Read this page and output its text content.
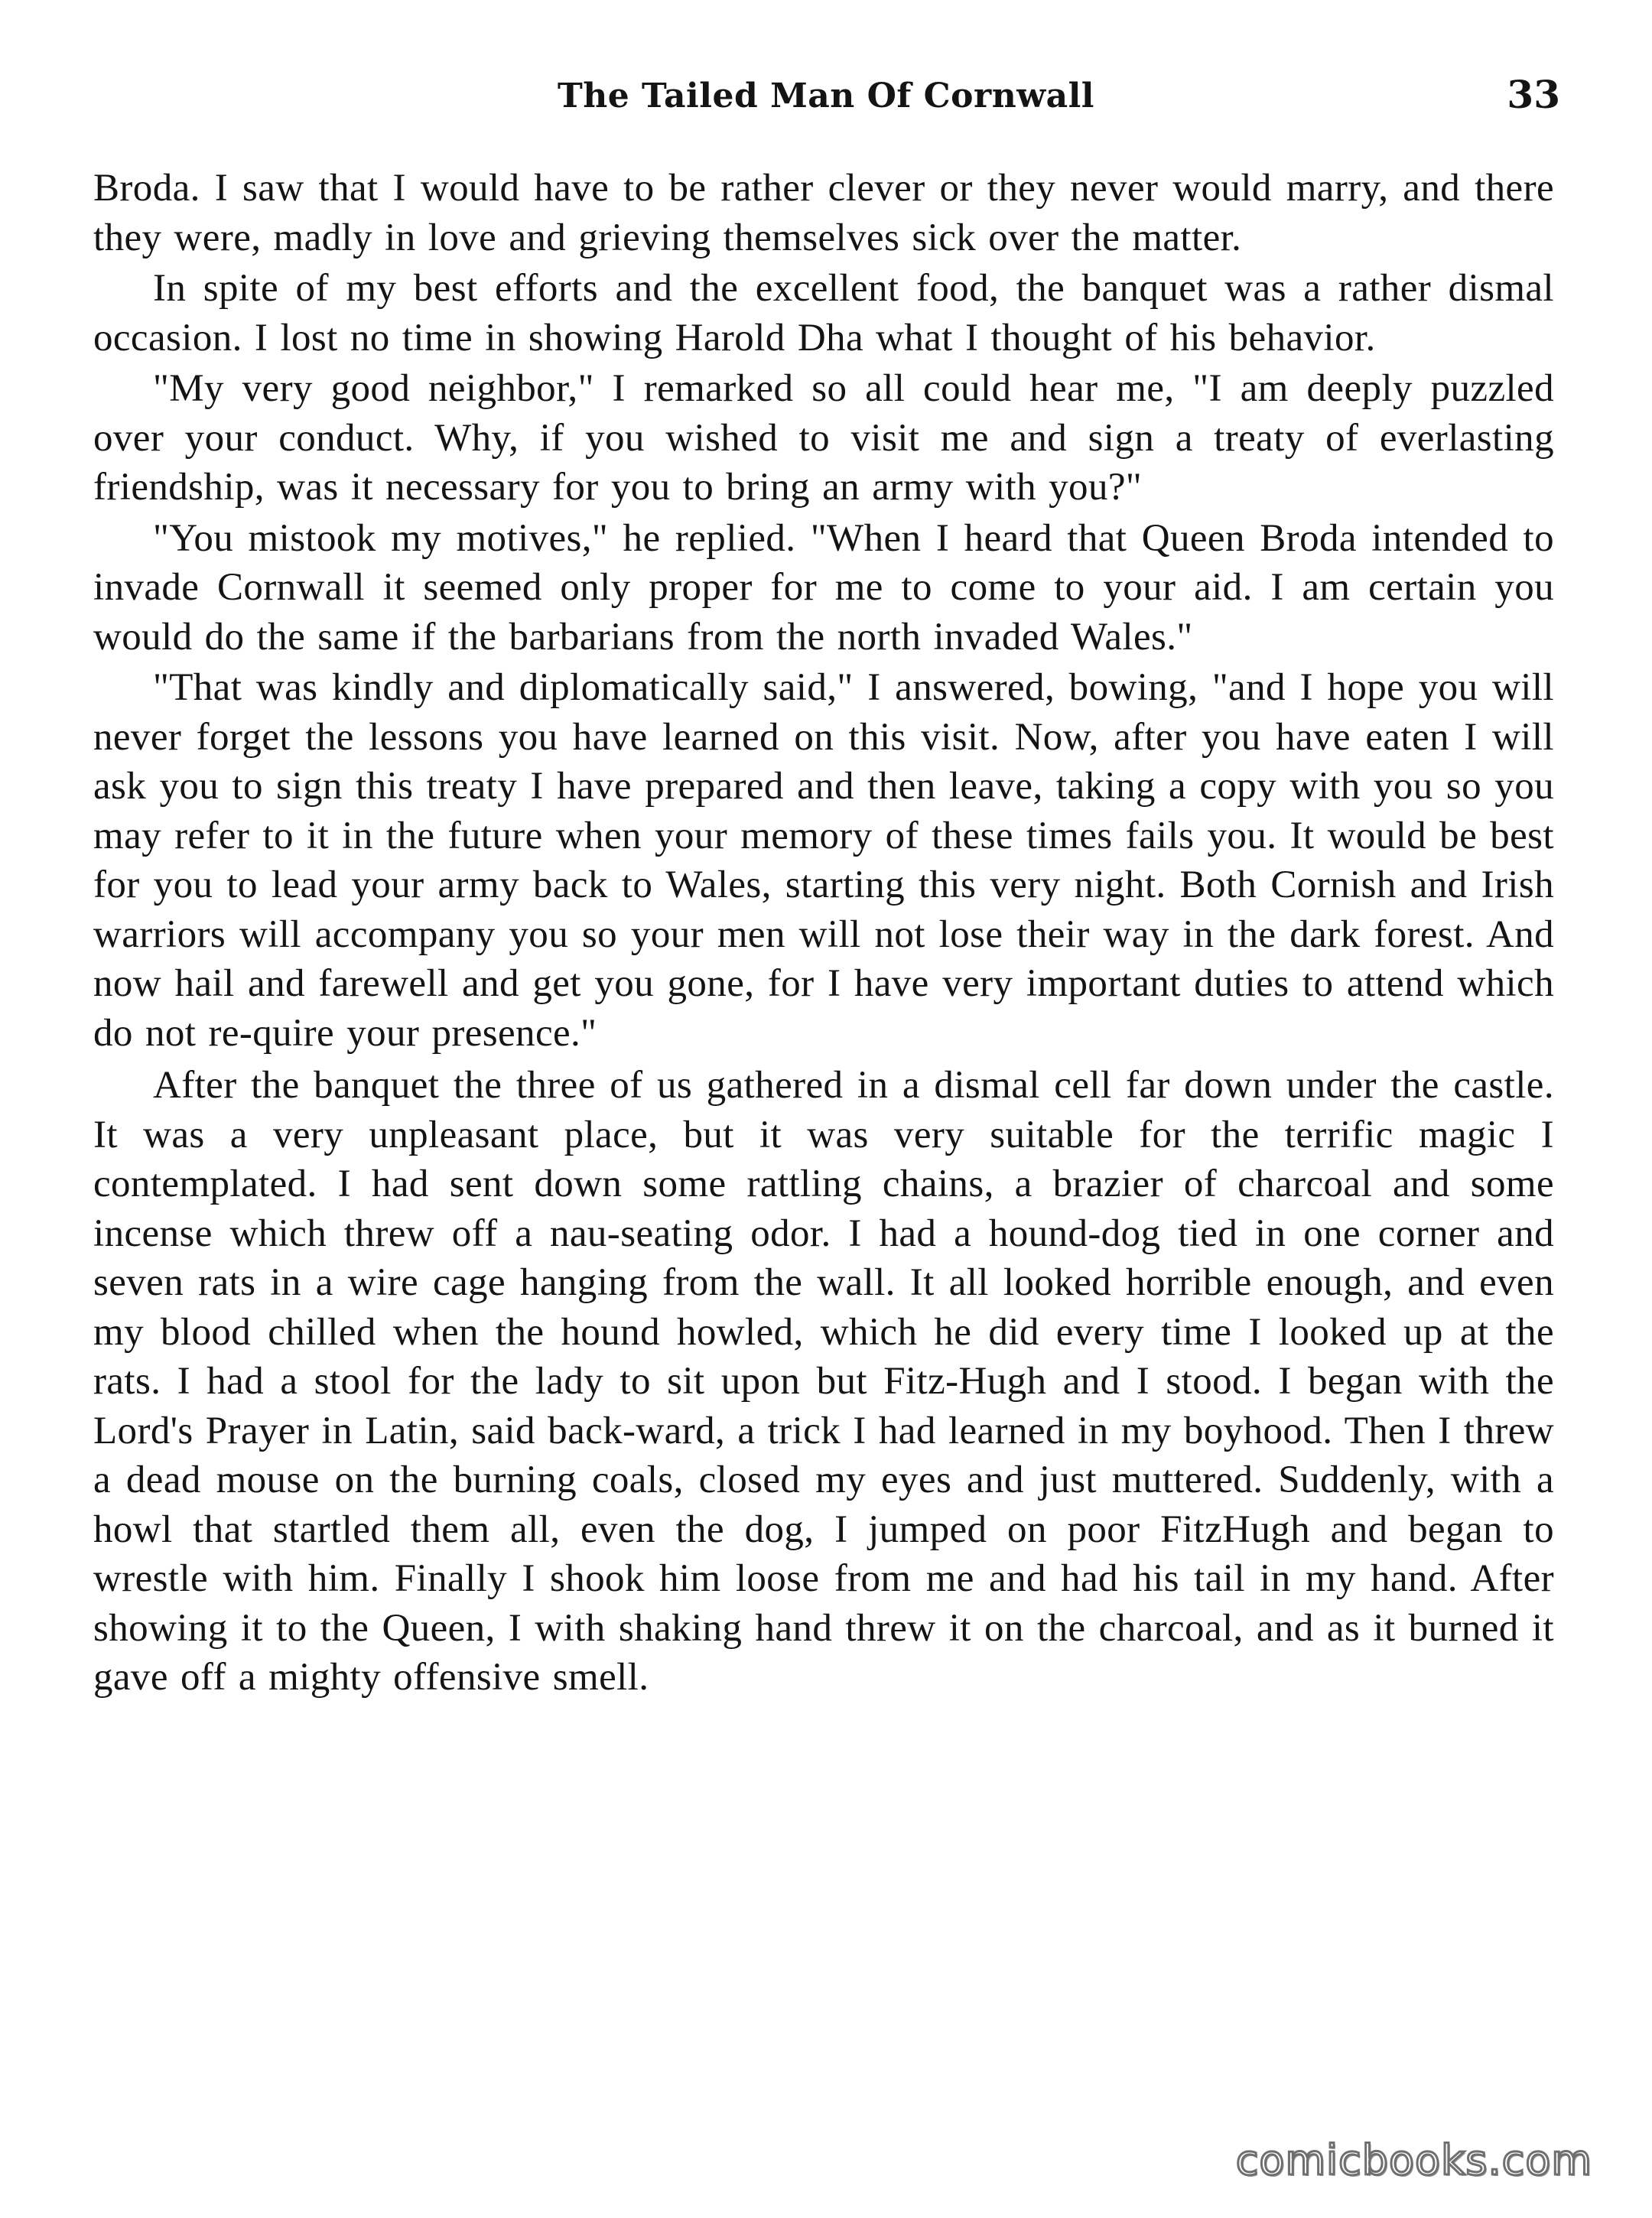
The Tailed Man Of Cornwall	33

Broda. I saw that I would have to be rather clever or they never would marry, and there they were, madly in love and grieving themselves sick over the matter.

In spite of my best efforts and the excellent food, the banquet was a rather dismal occasion. I lost no time in showing Harold Dha what I thought of his behavior.

"My very good neighbor," I remarked so all could hear me, "I am deeply puzzled over your conduct. Why, if you wished to visit me and sign a treaty of everlasting friendship, was it necessary for you to bring an army with you?"

"You mistook my motives," he replied. "When I heard that Queen Broda intended to invade Cornwall it seemed only proper for me to come to your aid. I am certain you would do the same if the barbarians from the north invaded Wales."

"That was kindly and diplomatically said," I answered, bowing, "and I hope you will never forget the lessons you have learned on this visit. Now, after you have eaten I will ask you to sign this treaty I have prepared and then leave, taking a copy with you so you may refer to it in the future when your memory of these times fails you. It would be best for you to lead your army back to Wales, starting this very night. Both Cornish and Irish warriors will accompany you so your men will not lose their way in the dark forest. And now hail and farewell and get you gone, for I have very important duties to attend which do not re-quire your presence."

After the banquet the three of us gathered in a dismal cell far down under the castle. It was a very unpleasant place, but it was very suitable for the terrific magic I contemplated. I had sent down some rattling chains, a brazier of charcoal and some incense which threw off a nau-seating odor. I had a hound-dog tied in one corner and seven rats in a wire cage hanging from the wall. It all looked horrible enough, and even my blood chilled when the hound howled, which he did every time I looked up at the rats. I had a stool for the lady to sit upon but Fitz-Hugh and I stood. I began with the Lord's Prayer in Latin, said back-ward, a trick I had learned in my boyhood. Then I threw a dead mouse on the burning coals, closed my eyes and just muttered. Suddenly, with a howl that startled them all, even the dog, I jumped on poor FitzHugh and began to wrestle with him. Finally I shook him loose from me and had his tail in my hand. After showing it to the Queen, I with shaking hand threw it on the charcoal, and as it burned it gave off a mighty offensive smell.

comicbooks.com
